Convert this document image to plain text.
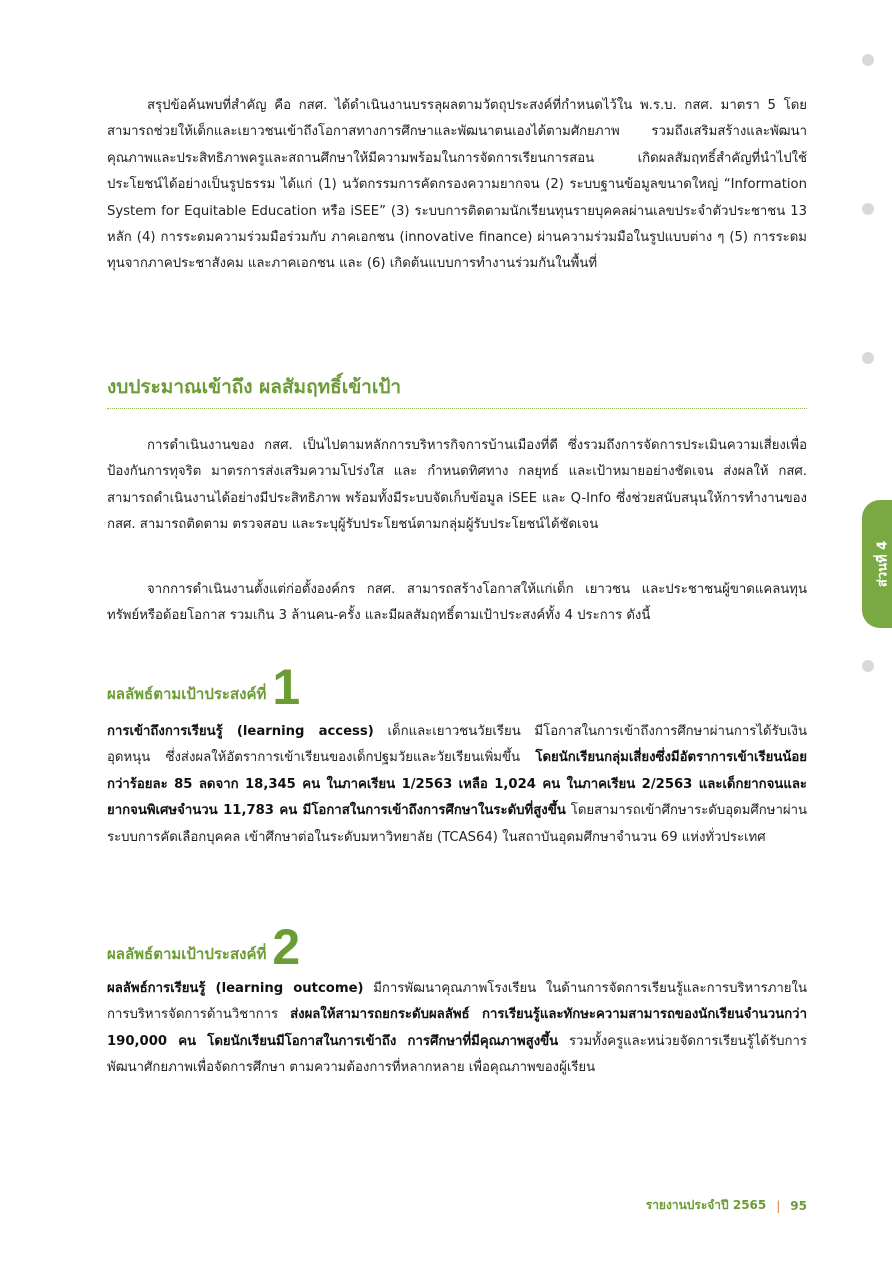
ส่วนที่ 4

สรุปข้อค้นพบที่สำคัญ คือ กสศ. ได้ดำเนินงานบรรลุผลตามวัตถุประสงค์ที่กำหนดไว้ใน พ.ร.บ. กสศ. มาตรา 5 โดยสามารถช่วยให้เด็กและเยาวชนเข้าถึงโอกาสทางการศึกษาและพัฒนาตนเองได้ตามศักยภาพ รวมถึงเสริมสร้างและพัฒนาคุณภาพและประสิทธิภาพครูและสถานศึกษาให้มีความพร้อมในการจัดการเรียนการสอน เกิดผลสัมฤทธิ์สำคัญที่นำไปใช้ประโยชน์ได้อย่างเป็นรูปธรรม ได้แก่ (1) นวัตกรรมการคัดกรองความยากจน (2) ระบบฐานข้อมูลขนาดใหญ่ “Information System for Equitable Education หรือ iSEE” (3) ระบบการติดตามนักเรียนทุนรายบุคคลผ่านเลขประจำตัวประชาชน 13 หลัก (4) การระดมความร่วมมือร่วมกับ ภาคเอกชน (innovative finance) ผ่านความร่วมมือในรูปแบบต่าง ๆ (5) การระดมทุนจากภาคประชาสังคม และภาคเอกชน และ (6) เกิดต้นแบบการทำงานร่วมกันในพื้นที่

งบประมาณเข้าถึง ผลสัมฤทธิ์เข้าเป้า

การดำเนินงานของ กสศ. เป็นไปตามหลักการบริหารกิจการบ้านเมืองที่ดี ซึ่งรวมถึงการจัดการประเมินความเสี่ยงเพื่อป้องกันการทุจริต มาตรการส่งเสริมความโปร่งใส และ กำหนดทิศทาง กลยุทธ์ และเป้าหมายอย่างชัดเจน ส่งผลให้ กสศ. สามารถดำเนินงานได้อย่างมีประสิทธิภาพ พร้อมทั้งมีระบบจัดเก็บข้อมูล iSEE และ Q-Info ซึ่งช่วยสนับสนุนให้การทำงานของ กสศ. สามารถติดตาม ตรวจสอบ และระบุผู้รับประโยชน์ตามกลุ่มผู้รับประโยชน์ได้ชัดเจน

จากการดำเนินงานตั้งแต่ก่อตั้งองค์กร กสศ. สามารถสร้างโอกาสให้แก่เด็ก เยาวชน และประชาชนผู้ขาดแคลนทุนทรัพย์หรือด้อยโอกาส รวมเกิน 3 ล้านคน-ครั้ง และมีผลสัมฤทธิ์ตามเป้าประสงค์ทั้ง 4 ประการ ดังนี้

ผลลัพธ์ตามเป้าประสงค์ที่ 1

การเข้าถึงการเรียนรู้ (learning access) เด็กและเยาวชนวัยเรียน มีโอกาสในการเข้าถึงการศึกษาผ่านการได้รับเงินอุดหนุน ซึ่งส่งผลให้อัตราการเข้าเรียนของเด็กปฐมวัยและวัยเรียนเพิ่มขึ้น โดยนักเรียนกลุ่มเสี่ยงซึ่งมีอัตราการเข้าเรียนน้อยกว่าร้อยละ 85 ลดจาก 18,345 คน ในภาคเรียน 1/2563 เหลือ 1,024 คน ในภาคเรียน 2/2563 และเด็กยากจนและยากจนพิเศษจำนวน 11,783 คน มีโอกาสในการเข้าถึงการศึกษาในระดับที่สูงขึ้น โดยสามารถเข้าศึกษาระดับอุดมศึกษาผ่านระบบการคัดเลือกบุคคล เข้าศึกษาต่อในระดับมหาวิทยาลัย (TCAS64) ในสถาบันอุดมศึกษาจำนวน 69 แห่งทั่วประเทศ

ผลลัพธ์ตามเป้าประสงค์ที่ 2

ผลลัพธ์การเรียนรู้ (learning outcome) มีการพัฒนาคุณภาพโรงเรียน ในด้านการจัดการเรียนรู้และการบริหารภายใน การบริหารจัดการด้านวิชาการ ส่งผลให้สามารถยกระดับผลลัพธ์ การเรียนรู้และทักษะความสามารถของนักเรียนจำนวนกว่า 190,000 คน โดยนักเรียนมีโอกาสในการเข้าถึง การศึกษาที่มีคุณภาพสูงขึ้น รวมทั้งครูและหน่วยจัดการเรียนรู้ได้รับการพัฒนาศักยภาพเพื่อจัดการศึกษา ตามความต้องการที่หลากหลาย เพื่อคุณภาพของผู้เรียน

รายงานประจำปี 2565 | 95
